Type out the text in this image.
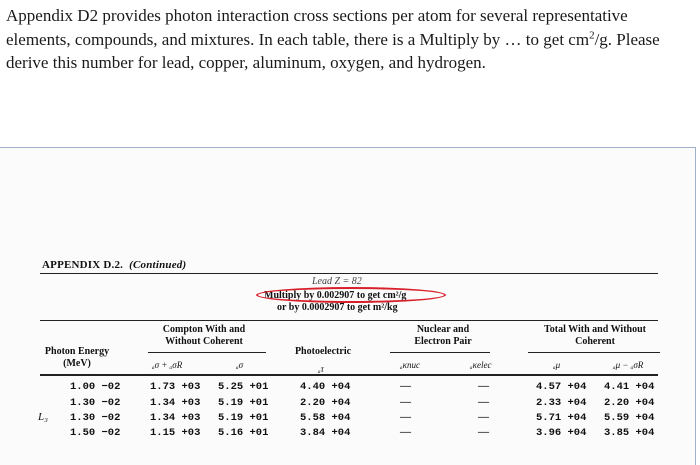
Appendix D2 provides photon interaction cross sections per atom for several representative elements, compounds, and mixtures. In each table, there is a Multiply by … to get $cm^2/g$. Please derive this number for lead, copper, aluminum, oxygen, and hydrogen.
APPENDIX D.2. (Continued)
Lead Z = 82
Multiply by 0.002907 to get cm²/g
or by 0.0002907 to get m²/kg
Compton With and
Without Coherent
Photon Energy
(MeV)
Photoelectric
Nuclear and
Electron Pair
Total With and Without
Coherent
ₐσ + ₐσR	ₐσ	ₐτ	ₐκnuc	ₐκelec	ₐμ	ₐμ − ₐσR
L₃
1.00 −02	1.73 +03 5.25 +01	4.40 +04	—	—	4.57 +04 4.41 +04
1.30 −02	1.34 +03 5.19 +01	2.20 +04	—	—	2.33 +04 2.20 +04
1.30 −02	1.34 +03 5.19 +01	5.58 +04	—	—	5.71 +04 5.59 +04
1.50 −02	1.15 +03 5.16 +01	3.84 +04	—	—	3.96 +04 3.85 +04
